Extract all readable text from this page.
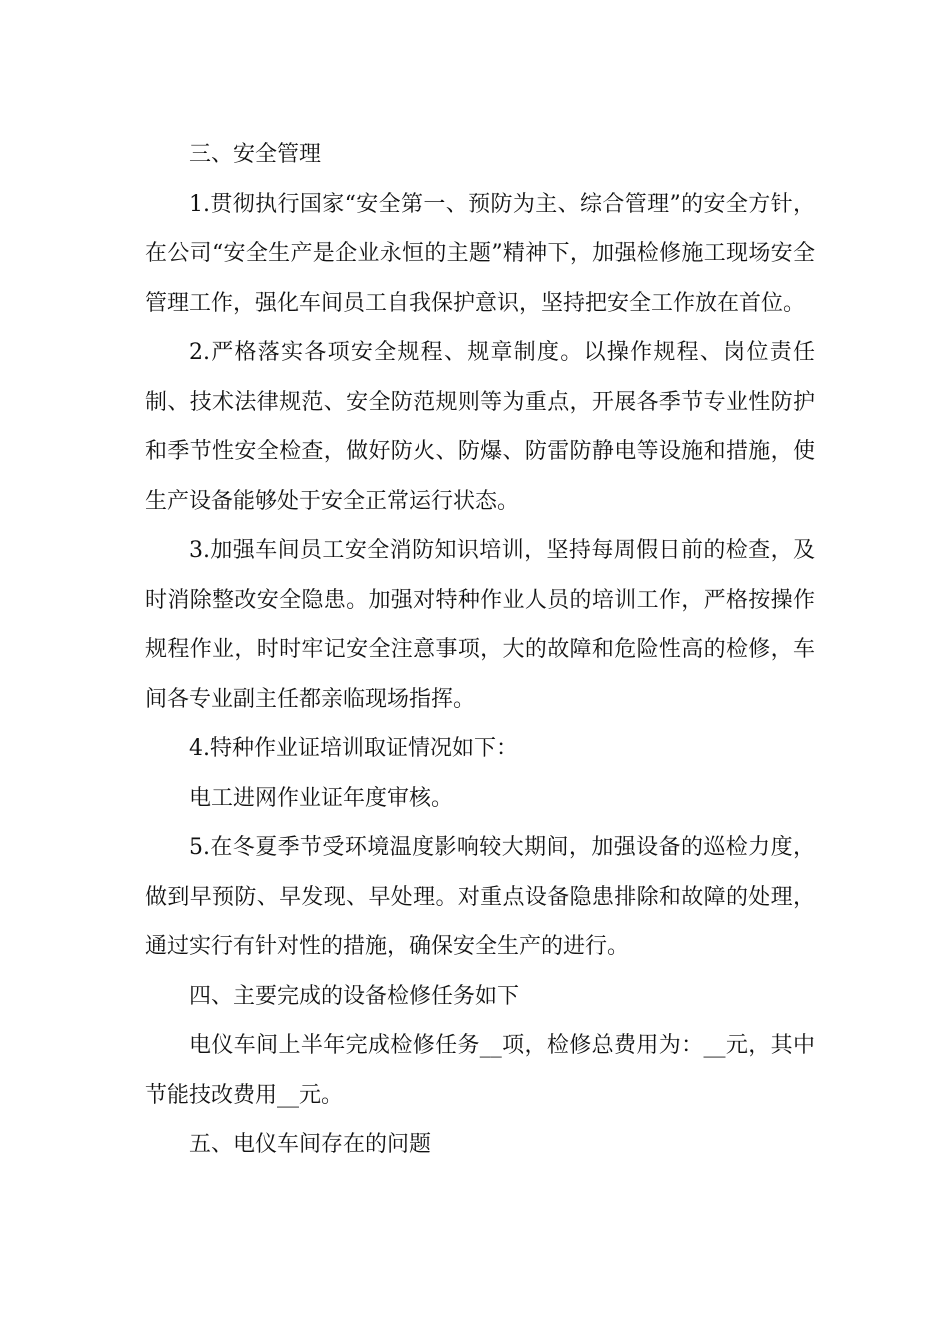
三、安全管理

1.贯彻执行国家“安全第一、预防为主、综合管理”的安全方针，在公司“安全生产是企业永恒的主题”精神下，加强检修施工现场安全管理工作，强化车间员工自我保护意识，坚持把安全工作放在首位。

2.严格落实各项安全规程、规章制度。以操作规程、岗位责任制、技术法律规范、安全防范规则等为重点，开展各季节专业性防护和季节性安全检查，做好防火、防爆、防雷防静电等设施和措施，使生产设备能够处于安全正常运行状态。

3.加强车间员工安全消防知识培训，坚持每周假日前的检查，及时消除整改安全隐患。加强对特种作业人员的培训工作，严格按操作规程作业，时时牢记安全注意事项，大的故障和危险性高的检修，车间各专业副主任都亲临现场指挥。

4.特种作业证培训取证情况如下：

电工进网作业证年度审核。

5.在冬夏季节受环境温度影响较大期间，加强设备的巡检力度，做到早预防、早发现、早处理。对重点设备隐患排除和故障的处理，通过实行有针对性的措施，确保安全生产的进行。

四、主要完成的设备检修任务如下

电仪车间上半年完成检修任务__项，检修总费用为：__元，其中节能技改费用__元。

五、电仪车间存在的问题
